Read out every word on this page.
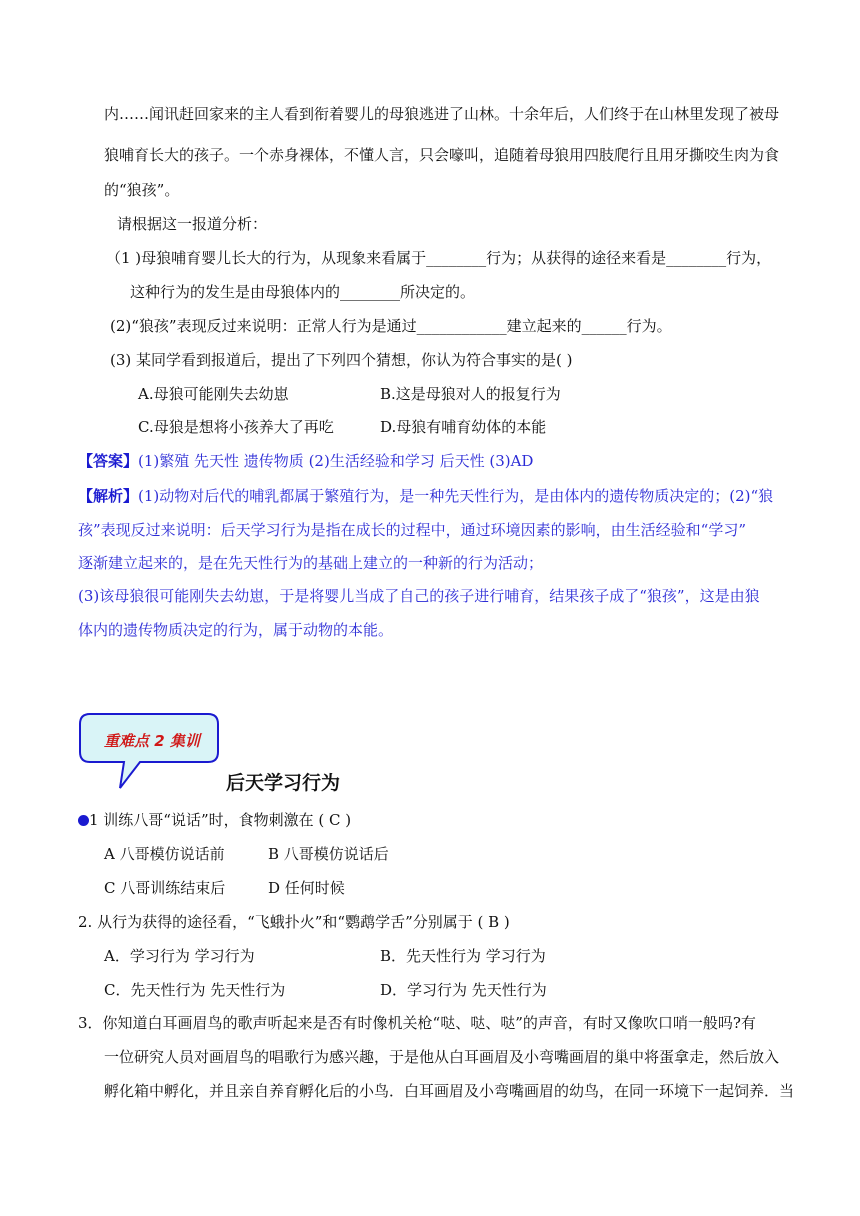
内……闻讯赶回家来的主人看到衔着婴儿的母狼逃进了山林。十余年后，人们终于在山林里发现了被母
狼哺育长大的孩子。一个赤身裸体，不懂人言，只会嚎叫，追随着母狼用四肢爬行且用牙撕咬生肉为食
的“狼孩”。
请根据这一报道分析：
（1 )母狼哺育婴儿长大的行为，从现象来看属于________行为；从获得的途径来看是________行为，
这种行为的发生是由母狼体内的________所决定的。
(2)“狼孩”表现反过来说明：正常人行为是通过____________建立起来的______行为。
(3) 某同学看到报道后，提出了下列四个猜想，你认为符合事实的是( )
A.母狼可能刚失去幼崽	B.这是母狼对人的报复行为
C.母狼是想将小孩养大了再吃	D.母狼有哺育幼体的本能
【答案】(1)繁殖 先天性 遗传物质 (2)生活经验和学习 后天性 (3)AD
【解析】(1)动物对后代的哺乳都属于繁殖行为，是一种先天性行为，是由体内的遗传物质决定的；(2)“狼
孩”表现反过来说明：后天学习行为是指在成长的过程中，通过环境因素的影响，由生活经验和“学习”
逐渐建立起来的，是在先天性行为的基础上建立的一种新的行为活动；
(3)该母狼很可能刚失去幼崽，于是将婴儿当成了自己的孩子进行哺育，结果孩子成了“狼孩”，这是由狼
体内的遗传物质决定的行为，属于动物的本能。
重难点 2 集训
后天学习行为
1 训练八哥“说话”时，食物刺激在 ( C )
A 八哥模仿说话前	B 八哥模仿说话后
C 八哥训练结束后	D 任何时候
2. 从行为获得的途径看，“飞蛾扑火”和“鹦鹉学舌”分别属于 ( B )
A．学习行为 学习行为	B．先天性行为 学习行为
C．先天性行为 先天性行为	D．学习行为 先天性行为
3．你知道白耳画眉鸟的歌声听起来是否有时像机关枪“哒、哒、哒”的声音，有时又像吹口哨一般吗?有
一位研究人员对画眉鸟的唱歌行为感兴趣，于是他从白耳画眉及小弯嘴画眉的巢中将蛋拿走，然后放入
孵化箱中孵化，并且亲自养育孵化后的小鸟．白耳画眉及小弯嘴画眉的幼鸟，在同一环境下一起饲养．当
